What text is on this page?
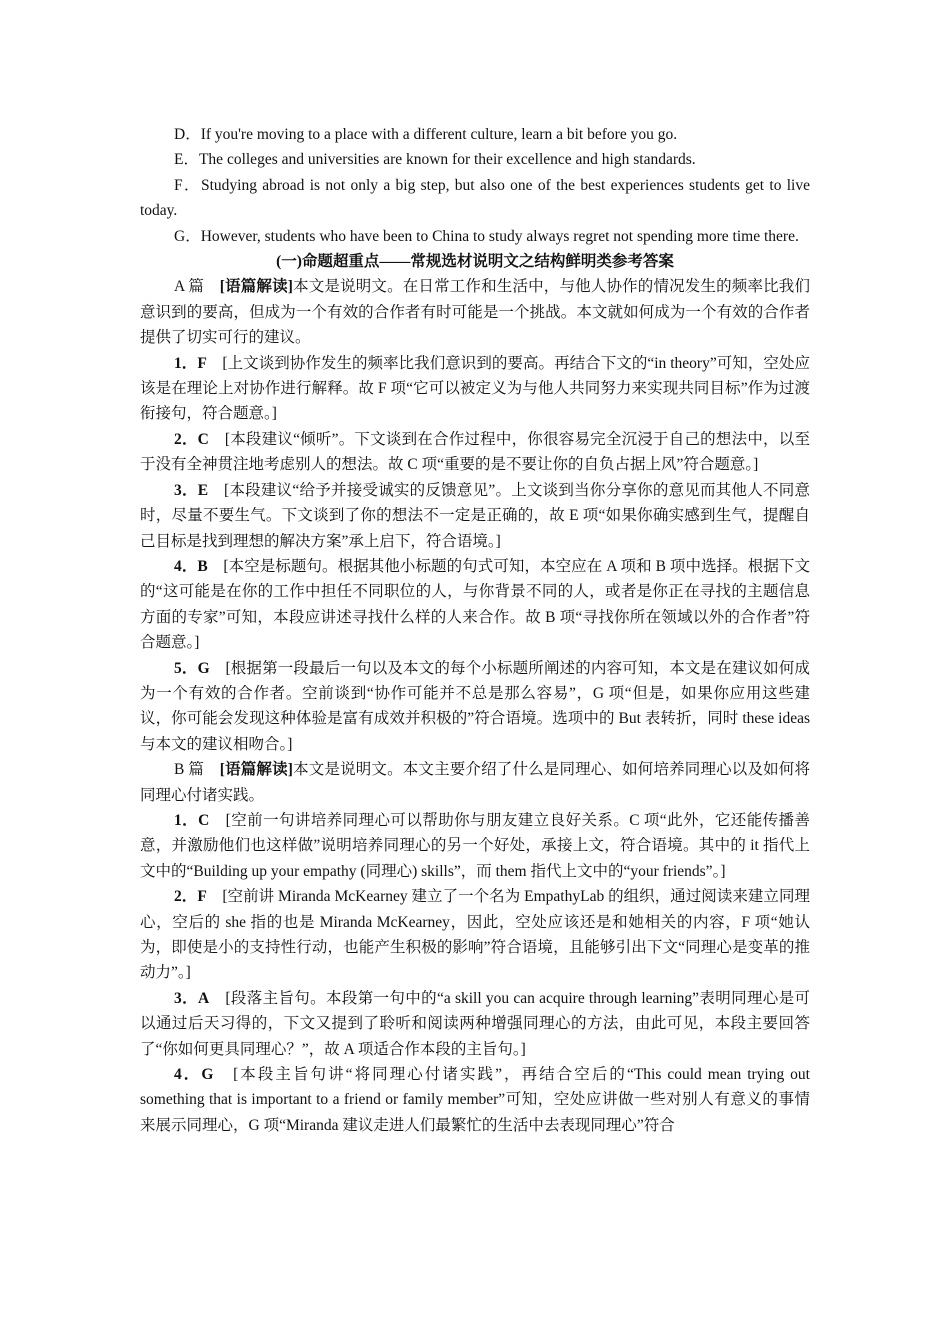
D．If you're moving to a place with a different culture, learn a bit before you go.

E．The colleges and universities are known for their excellence and high standards.

F．Studying abroad is not only a big step, but also one of the best experiences students get to live today.

G．However, students who have been to China to study always regret not spending more time there.

(一)命题超重点——常规选材说明文之结构鲜明类参考答案

A 篇　 [语篇解读]本文是说明文。在日常工作和生活中，与他人协作的情况发生的频率比我们意识到的要高，但成为一个有效的合作者有时可能是一个挑战。本文就如何成为一个有效的合作者提供了切实可行的建议。

1．F　 [上文谈到协作发生的频率比我们意识到的要高。再结合下文的“in theory”可知，空处应该是在理论上对协作进行解释。故 F 项“它可以被定义为与他人共同努力来实现共同目标”作为过渡衔接句，符合题意。]

2．C　 [本段建议“倾听”。下文谈到在合作过程中，你很容易完全沉浸于自己的想法中，以至于没有全神贯注地考虑别人的想法。故 C 项“重要的是不要让你的自负占据上风”符合题意。]

3．E　 [本段建议“给予并接受诚实的反馈意见”。上文谈到当你分享你的意见而其他人不同意时，尽量不要生气。下文谈到了你的想法不一定是正确的，故 E 项“如果你确实感到生气，提醒自己目标是找到理想的解决方案”承上启下，符合语境。]

4．B　 [本空是标题句。根据其他小标题的句式可知，本空应在 A 项和 B 项中选择。根据下文的“这可能是在你的工作中担任不同职位的人，与你背景不同的人，或者是你正在寻找的主题信息方面的专家”可知，本段应讲述寻找什么样的人来合作。故 B 项“寻找你所在领域以外的合作者”符合题意。]

5．G　 [根据第一段最后一句以及本文的每个小标题所阐述的内容可知，本文是在建议如何成为一个有效的合作者。空前谈到“协作可能并不总是那么容易”，G 项“但是，如果你应用这些建议，你可能会发现这种体验是富有成效并积极的”符合语境。选项中的 But 表转折，同时 these ideas 与本文的建议相吻合。]

B 篇　 [语篇解读]本文是说明文。本文主要介绍了什么是同理心、如何培养同理心以及如何将同理心付诸实践。

1．C　 [空前一句讲培养同理心可以帮助你与朋友建立良好关系。C 项“此外，它还能传播善意，并激励他们也这样做”说明培养同理心的另一个好处，承接上文，符合语境。其中的 it 指代上文中的“Building up your empathy (同理心) skills”，而 them 指代上文中的“your friends”。]

2．F　 [空前讲 Miranda McKearney 建立了一个名为 EmpathyLab 的组织，通过阅读来建立同理心，空后的 she 指的也是 Miranda McKearney，因此，空处应该还是和她相关的内容，F 项“她认为，即使是小的支持性行动，也能产生积极的影响”符合语境，且能够引出下文“同理心是变革的推动力”。]

3．A　 [段落主旨句。本段第一句中的“a skill you can acquire through learning”表明同理心是可以通过后天习得的，下文又提到了聆听和阅读两种增强同理心的方法，由此可见，本段主要回答了“你如何更具同理心？”，故 A 项适合作本段的主旨句。]

4．G　 [本段主旨句讲“将同理心付诸实践”，再结合空后的“This could mean trying out something that is important to a friend or family member”可知，空处应讲做一些对别人有意义的事情来展示同理心，G 项“Miranda 建议走进人们最繁忙的生活中去表现同理心”符合
